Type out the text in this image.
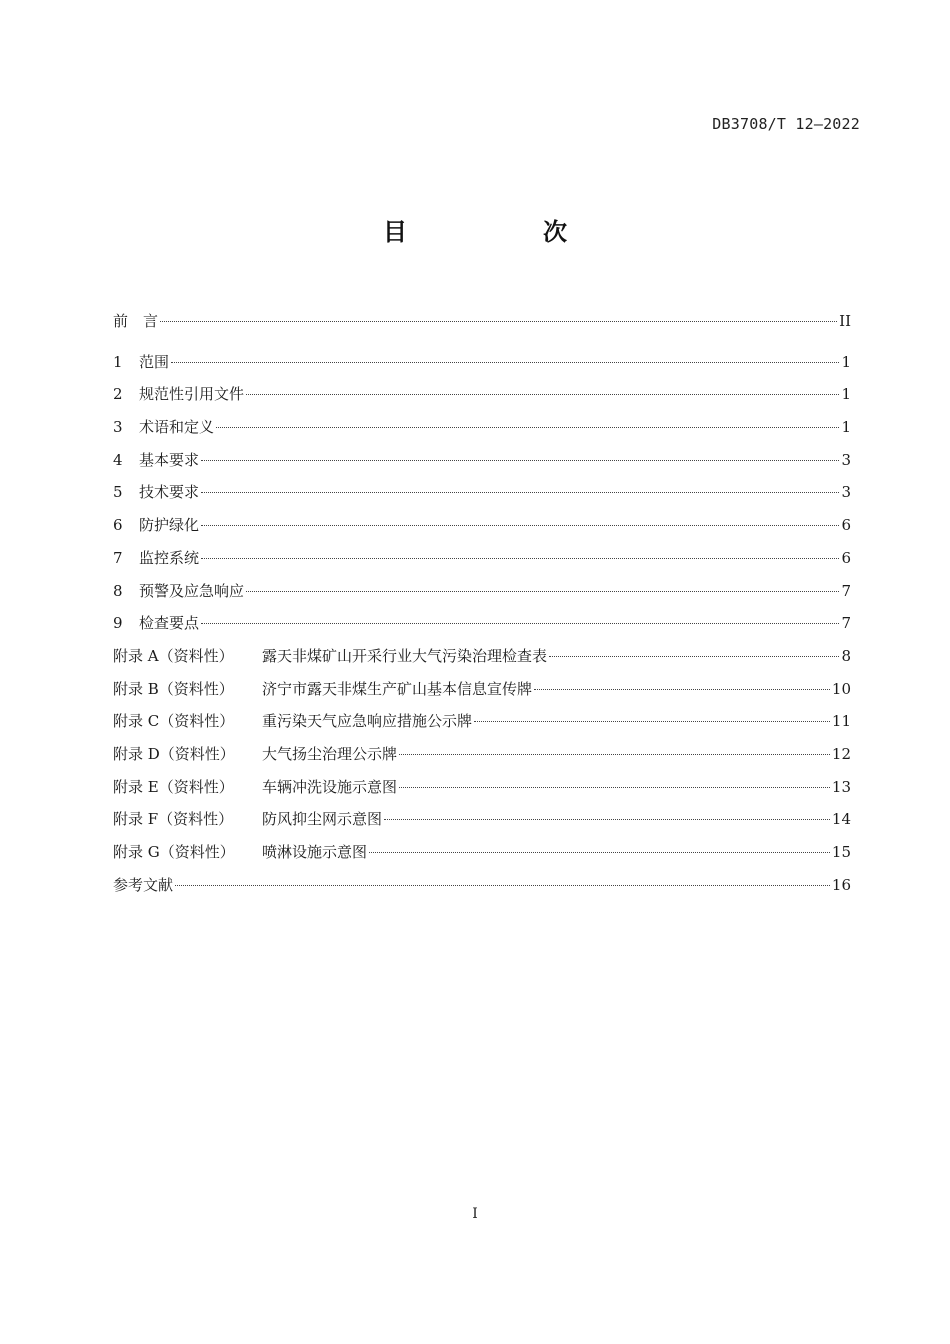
DB3708/T 12—2022
目　次
前　言	II
1 范围	1
2 规范性引用文件	1
3 术语和定义	1
4 基本要求	3
5 技术要求	3
6 防护绿化	6
7 监控系统	6
8 预警及应急响应	7
9 检查要点	7
附录 A（资料性） 露天非煤矿山开采行业大气污染治理检查表	8
附录 B（资料性） 济宁市露天非煤生产矿山基本信息宣传牌	10
附录 C（资料性） 重污染天气应急响应措施公示牌	11
附录 D（资料性） 大气扬尘治理公示牌	12
附录 E（资料性） 车辆冲洗设施示意图	13
附录 F（资料性） 防风抑尘网示意图	14
附录 G（资料性） 喷淋设施示意图	15
参考文献	16
I
